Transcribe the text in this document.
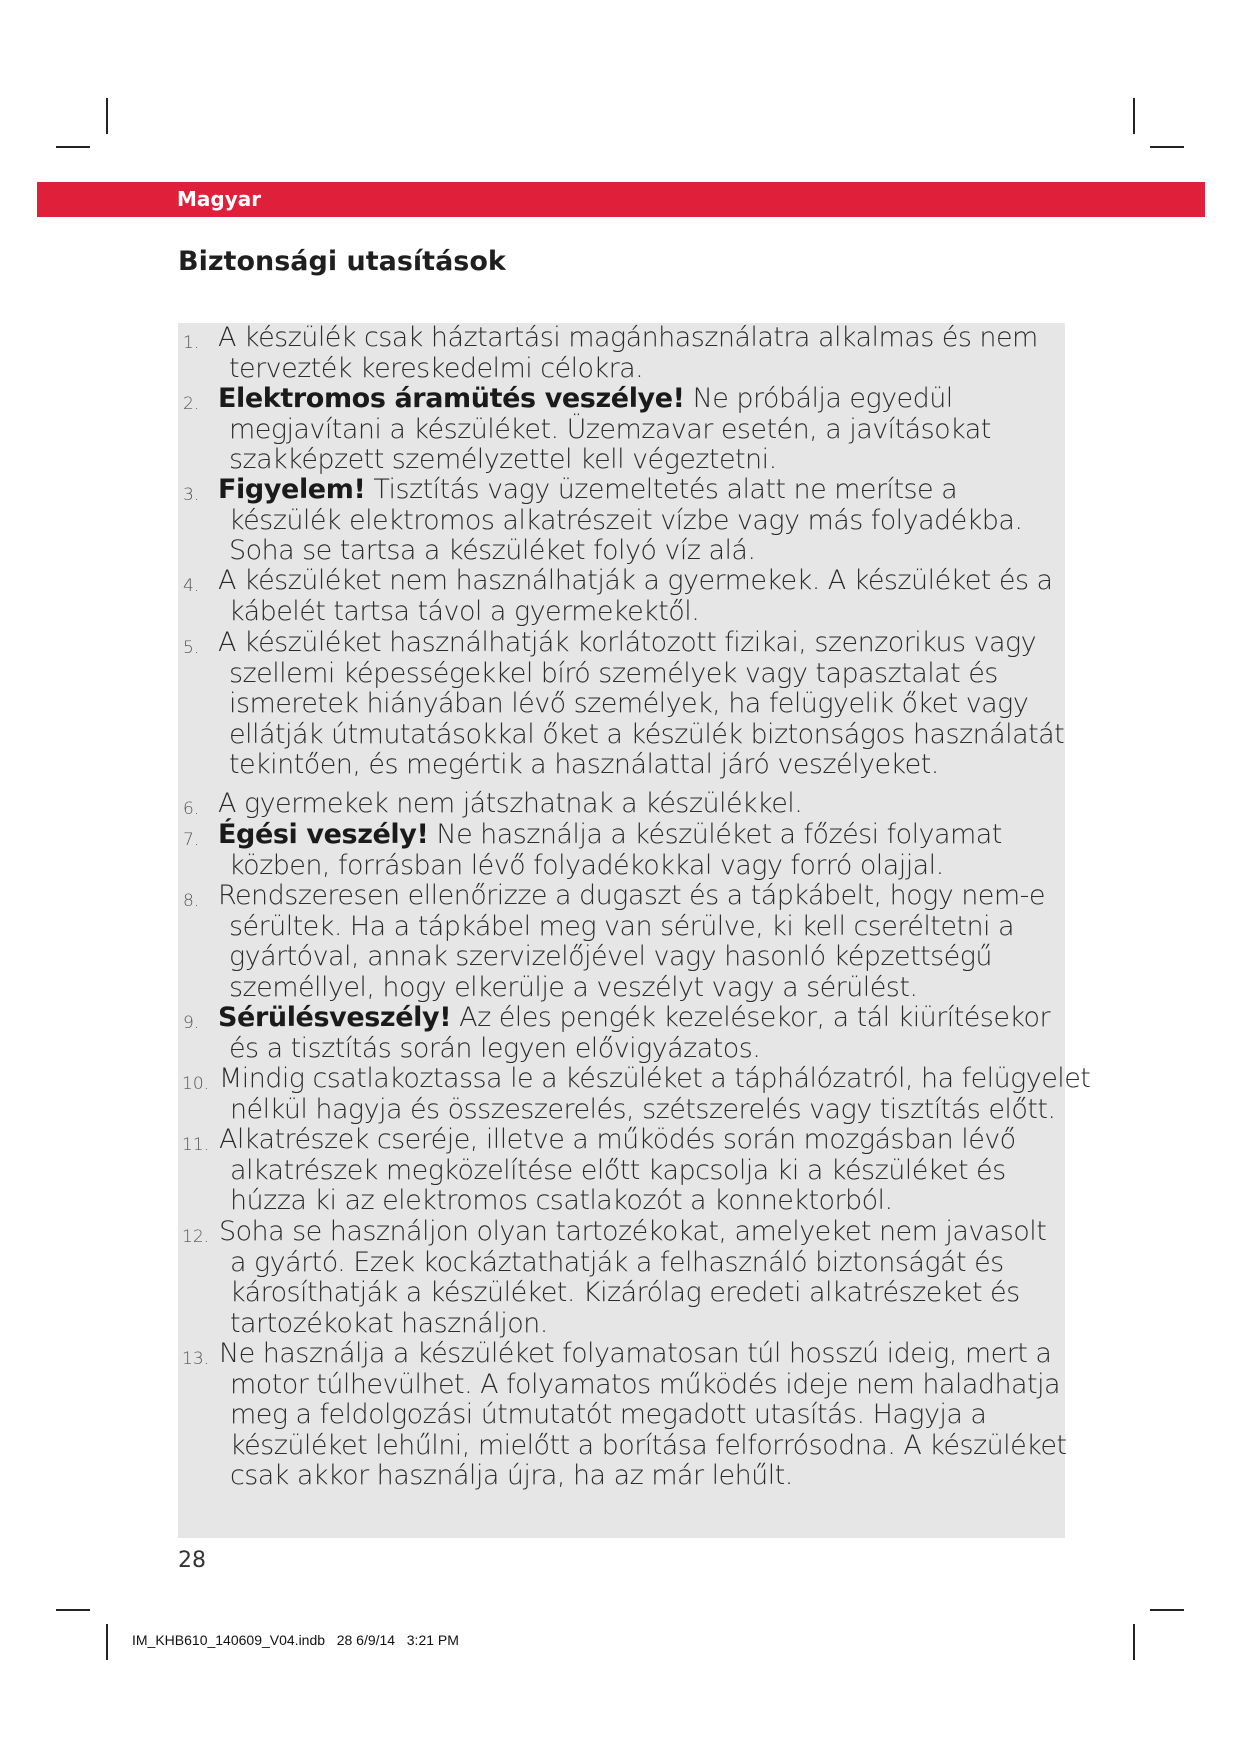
Magyar
Biztonsági utasítások
1. A készülék csak háztartási magánhasználatra alkalmas és nem
tervezték kereskedelmi célokra.
2. Elektromos áramütés veszélye! Ne próbálja egyedül
megjavítani a készüléket. Üzemzavar esetén, a javításokat
szakképzett személyzettel kell végeztetni.
3. Figyelem! Tisztítás vagy üzemeltetés alatt ne merítse a
készülék elektromos alkatrészeit vízbe vagy más folyadékba.
Soha se tartsa a készüléket folyó víz alá.
4. A készüléket nem használhatják a gyermekek. A készüléket és a
kábelét tartsa távol a gyermekektől.
5. A készüléket használhatják korlátozott fizikai, szenzorikus vagy
szellemi képességekkel bíró személyek vagy tapasztalat és
ismeretek hiányában lévő személyek, ha felügyelik őket vagy
ellátják útmutatásokkal őket a készülék biztonságos használatát
tekintően, és megértik a használattal járó veszélyeket.
6. A gyermekek nem játszhatnak a készülékkel.
7. Égési veszély! Ne használja a készüléket a főzési folyamat
közben, forrásban lévő folyadékokkal vagy forró olajjal.
8. Rendszeresen ellenőrizze a dugaszt és a tápkábelt, hogy nem-e
sérültek. Ha a tápkábel meg van sérülve, ki kell cseréltetni a
gyártóval, annak szervizelőjével vagy hasonló képzettségű
személlyel, hogy elkerülje a veszélyt vagy a sérülést.
9. Sérülésveszély! Az éles pengék kezelésekor, a tál kiürítésekor
és a tisztítás során legyen elővigyázatos.
10. Mindig csatlakoztassa le a készüléket a táphálózatról, ha felügyelet
nélkül hagyja és összeszerelés, szétszerelés vagy tisztítás előtt.
11. Alkatrészek cseréje, illetve a működés során mozgásban lévő
alkatrészek megközelítése előtt kapcsolja ki a készüléket és
húzza ki az elektromos csatlakozót a konnektorból.
12. Soha se használjon olyan tartozékokat, amelyeket nem javasolt
a gyártó. Ezek kockáztathatják a felhasználó biztonságát és
károsíthatják a készüléket. Kizárólag eredeti alkatrészeket és
tartozékokat használjon.
13. Ne használja a készüléket folyamatosan túl hosszú ideig, mert a
motor túlhevülhet. A folyamatos működés ideje nem haladhatja
meg a feldolgozási útmutatót megadott utasítás. Hagyja a
készüléket lehűlni, mielőtt a borítása felforrósodna. A készüléket
csak akkor használja újra, ha az már lehűlt.
28
IM_KHB610_140609_V04.indb   28 6/9/14   3:21 PM
